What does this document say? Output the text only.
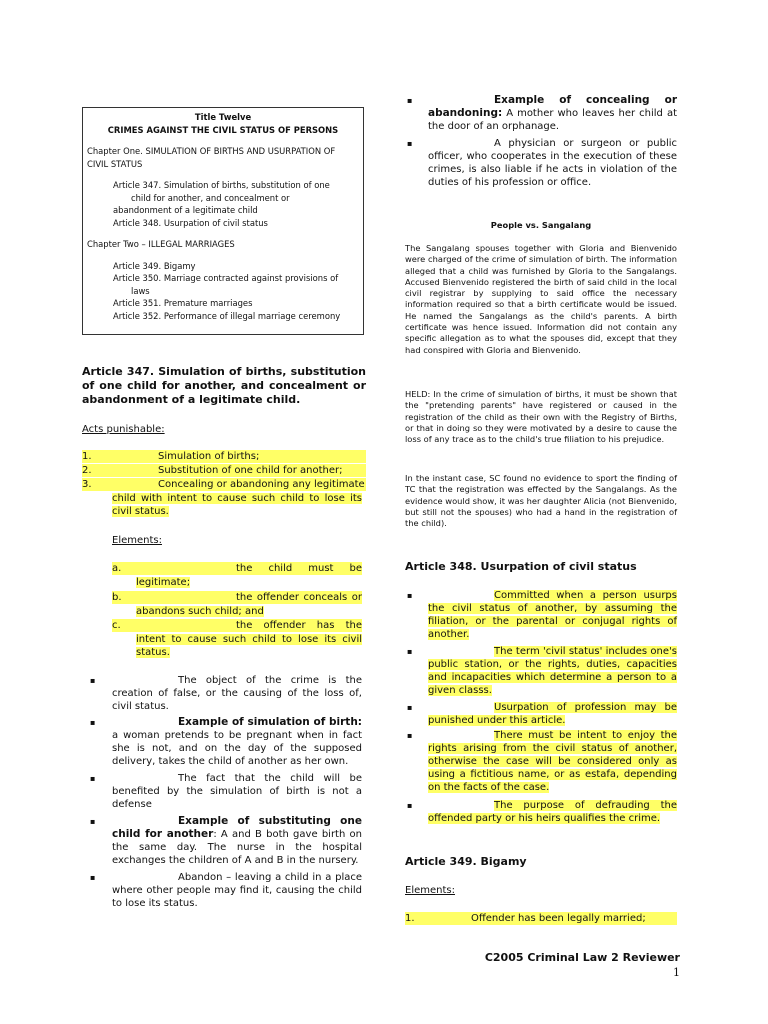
Title Twelve
CRIMES AGAINST THE CIVIL STATUS OF PERSONS
Chapter One. SIMULATION OF BIRTHS AND USURPATION OF CIVIL STATUS
Article 347. Simulation of births, substitution of one
child for another, and concealment or
abandonment of a legitimate child
Article 348. Usurpation of civil status
Chapter Two – ILLEGAL MARRIAGES
Article 349. Bigamy
Article 350. Marriage contracted against provisions of
laws
Article 351. Premature marriages
Article 352. Performance of illegal marriage ceremony
Article 347. Simulation of births, substitution of one child for another, and concealment or abandonment of a legitimate child.
Acts punishable:
1.	Simulation of births;
2.	Substitution of one child for another;
3.	Concealing or abandoning any legitimate
child with intent to cause such child to lose its civil status.
Elements:
a.	the child must be
legitimate;
b.	the offender conceals or
abandons such child; and
c.	the offender has the
intent to cause such child to lose its civil status.
▪	The object of the crime is the creation of false, or the causing of the loss of, civil status.
▪	Example of simulation of birth: a woman pretends to be pregnant when in fact she is not, and on the day of the supposed delivery, takes the child of another as her own.
▪	The fact that the child will be benefited by the simulation of birth is not a defense
▪	Example of substituting one child for another: A and B both gave birth on the same day. The nurse in the hospital exchanges the children of A and B in the nursery.
▪	Abandon – leaving a child in a place where other people may find it, causing the child to lose its status.
▪	Example of concealing or abandoning: A mother who leaves her child at the door of an orphanage.
▪	A physician or surgeon or public officer, who cooperates in the execution of these crimes, is also liable if he acts in violation of the duties of his profession or office.
People vs. Sangalang
The Sangalang spouses together with Gloria and Bienvenido were charged of the crime of simulation of birth. The information alleged that a child was furnished by Gloria to the Sangalangs. Accused Bienvenido registered the birth of said child in the local civil registrar by supplying to said office the necessary information required so that a birth certificate would be issued. He named the Sangalangs as the child's parents. A birth certificate was hence issued. Information did not contain any specific allegation as to what the spouses did, except that they had conspired with Gloria and Bienvenido.
HELD: In the crime of simulation of births, it must be shown that the "pretending parents" have registered or caused in the registration of the child as their own with the Registry of Births, or that in doing so they were motivated by a desire to cause the loss of any trace as to the child's true filiation to his prejudice.
In the instant case, SC found no evidence to sport the finding of TC that the registration was effected by the Sangalangs. As the evidence would show, it was her daughter Alicia (not Bienvenido, but still not the spouses) who had a hand in the registration of the child).
Article 348. Usurpation of civil status
▪	Committed when a person usurps the civil status of another, by assuming the filiation, or the parental or conjugal rights of another.
▪	The term 'civil status' includes one's public station, or the rights, duties, capacities and incapacities which determine a person to a given classs.
▪	Usurpation of profession may be punished under this article.
▪	There must be intent to enjoy the rights arising from the civil status of another, otherwise the case will be considered only as using a fictitious name, or as estafa, depending on the facts of the case.
▪	The purpose of defrauding the offended party or his heirs qualifies the crime.
Article 349. Bigamy
Elements:
1.	Offender has been legally married;
C2005 Criminal Law 2 Reviewer
1
